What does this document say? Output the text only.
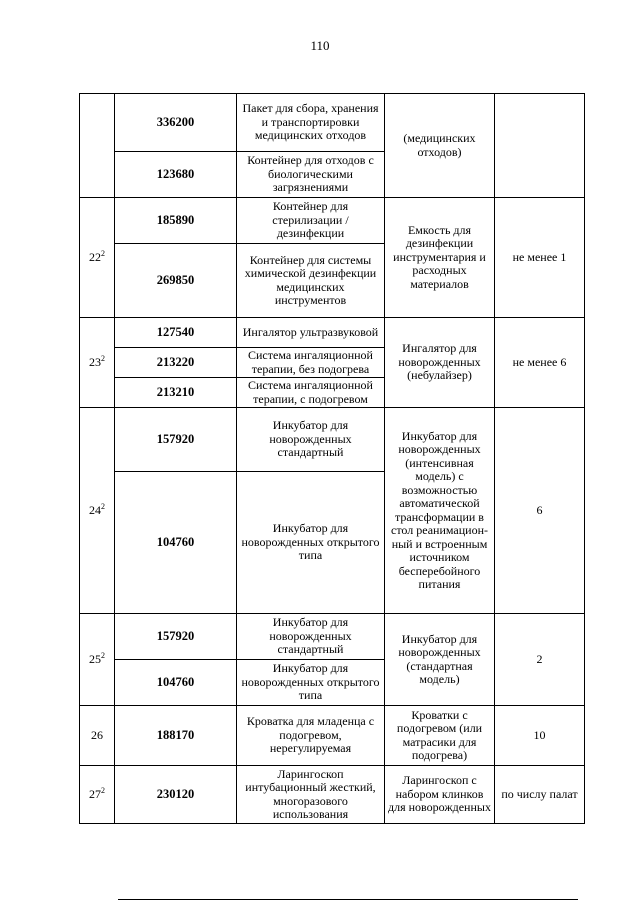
110
	336200	Пакет для сбора, хранения и транспортировки медицинских отходов	(медицинских отходов)	
	123680	Контейнер для отходов с биологическими загрязнениями		
$22^2$	185890	Контейнер для стерилизации /дезинфекции	Емкость для дезинфекции инструментария и расходных материалов	не менее 1
	269850	Контейнер для системы химической дезинфекции медицинских инструментов		
$23^2$	127540	Ингалятор ультразвуковой	Ингалятор для новорожденных (небулайзер)	не менее 6
	213220	Система ингаляционной терапии, без подогрева		
	213210	Система ингаляционной терапии, с подогревом		
$24^2$	157920	Инкубатор для новорожденных стандартный	Инкубатор для новорожденных (интенсивная модель) с возможностью автоматической трансформации в стол реанимацион-ный и встроенным источником бесперебойного питания	6
	104760	Инкубатор для новорожденных открытого типа		
$25^2$	157920	Инкубатор для новорожденных стандартный	Инкубатор для новорожденных (стандартная модель)	2
	104760	Инкубатор для новорожденных открытого типа		
26	188170	Кроватка для младенца с подогревом, нерегулируемая	Кроватки с подогревом (или матрасики для подогрева)	10
$27^2$	230120	Ларингоскоп интубационный жесткий, многоразового использования	Ларингоскоп с набором клинков для новорожденных	по числу палат
